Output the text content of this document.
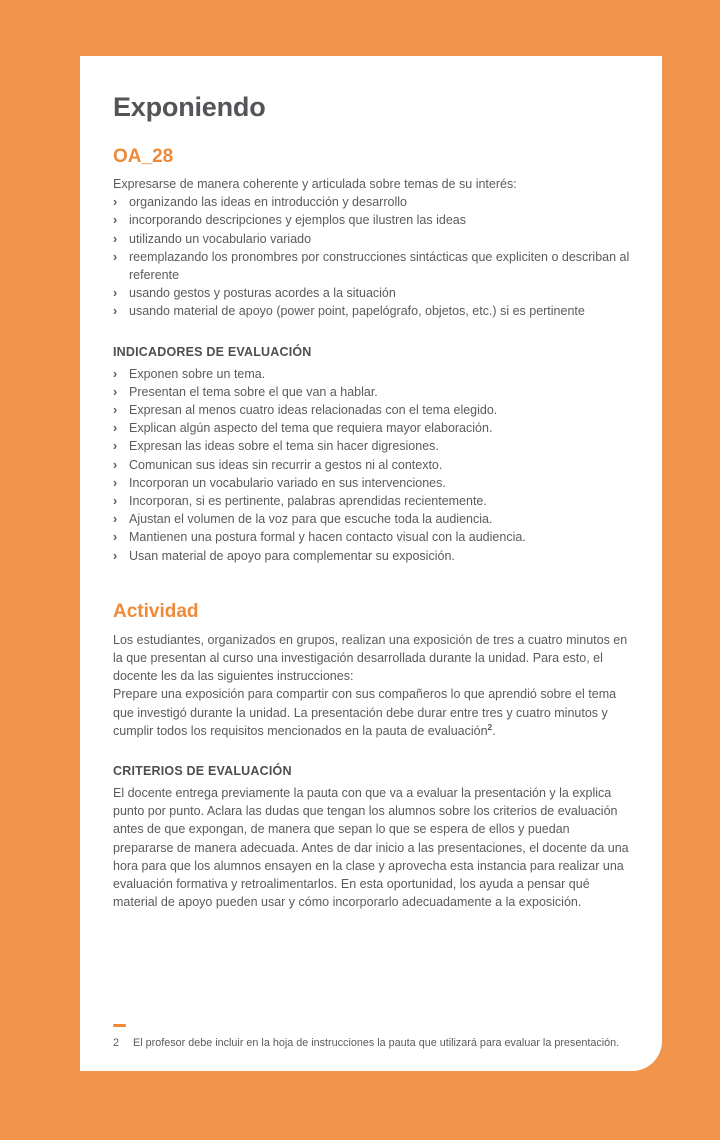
Exponiendo
OA_28

Expresarse de manera coherente y articulada sobre temas de su interés:

› organizando las ideas en introducción y desarrollo
› incorporando descripciones y ejemplos que ilustren las ideas
› utilizando un vocabulario variado
› reemplazando los pronombres por construcciones sintácticas que expliciten o describan al referente
› usando gestos y posturas acordes a la situación
› usando material de apoyo (power point, papelógrafo, objetos, etc.) si es pertinente
INDICADORES DE EVALUACIÓN
› Exponen sobre un tema.
› Presentan el tema sobre el que van a hablar.
› Expresan al menos cuatro ideas relacionadas con el tema elegido.
› Explican algún aspecto del tema que requiera mayor elaboración.
› Expresan las ideas sobre el tema sin hacer digresiones.
› Comunican sus ideas sin recurrir a gestos ni al contexto.
› Incorporan un vocabulario variado en sus intervenciones.
› Incorporan, si es pertinente, palabras aprendidas recientemente.
› Ajustan el volumen de la voz para que escuche toda la audiencia.
› Mantienen una postura formal y hacen contacto visual con la audiencia.
› Usan material de apoyo para complementar su exposición.
Actividad

Los estudiantes, organizados en grupos, realizan una exposición de tres a cuatro minutos en la que presentan al curso una investigación desarrollada durante la unidad. Para esto, el docente les da las siguientes instrucciones:

Prepare una exposición para compartir con sus compañeros lo que aprendió sobre el tema que investigó durante la unidad. La presentación debe durar entre tres y cuatro minutos y cumplir todos los requisitos mencionados en la pauta de evaluación$^2$.

CRITERIOS DE EVALUACIÓN

El docente entrega previamente la pauta con que va a evaluar la presentación y la explica punto por punto. Aclara las dudas que tengan los alumnos sobre los criterios de evaluación antes de que expongan, de manera que sepan lo que se espera de ellos y puedan prepararse de manera adecuada. Antes de dar inicio a las presentaciones, el docente da una hora para que los alumnos ensayen en la clase y aprovecha esta instancia para realizar una evaluación formativa y retroalimentarlos. En esta oportunidad, los ayuda a pensar qué material de apoyo pueden usar y cómo incorporarlo adecuadamente a la exposición.

2	El profesor debe incluir en la hoja de instrucciones la pauta que utilizará para evaluar la presentación.
